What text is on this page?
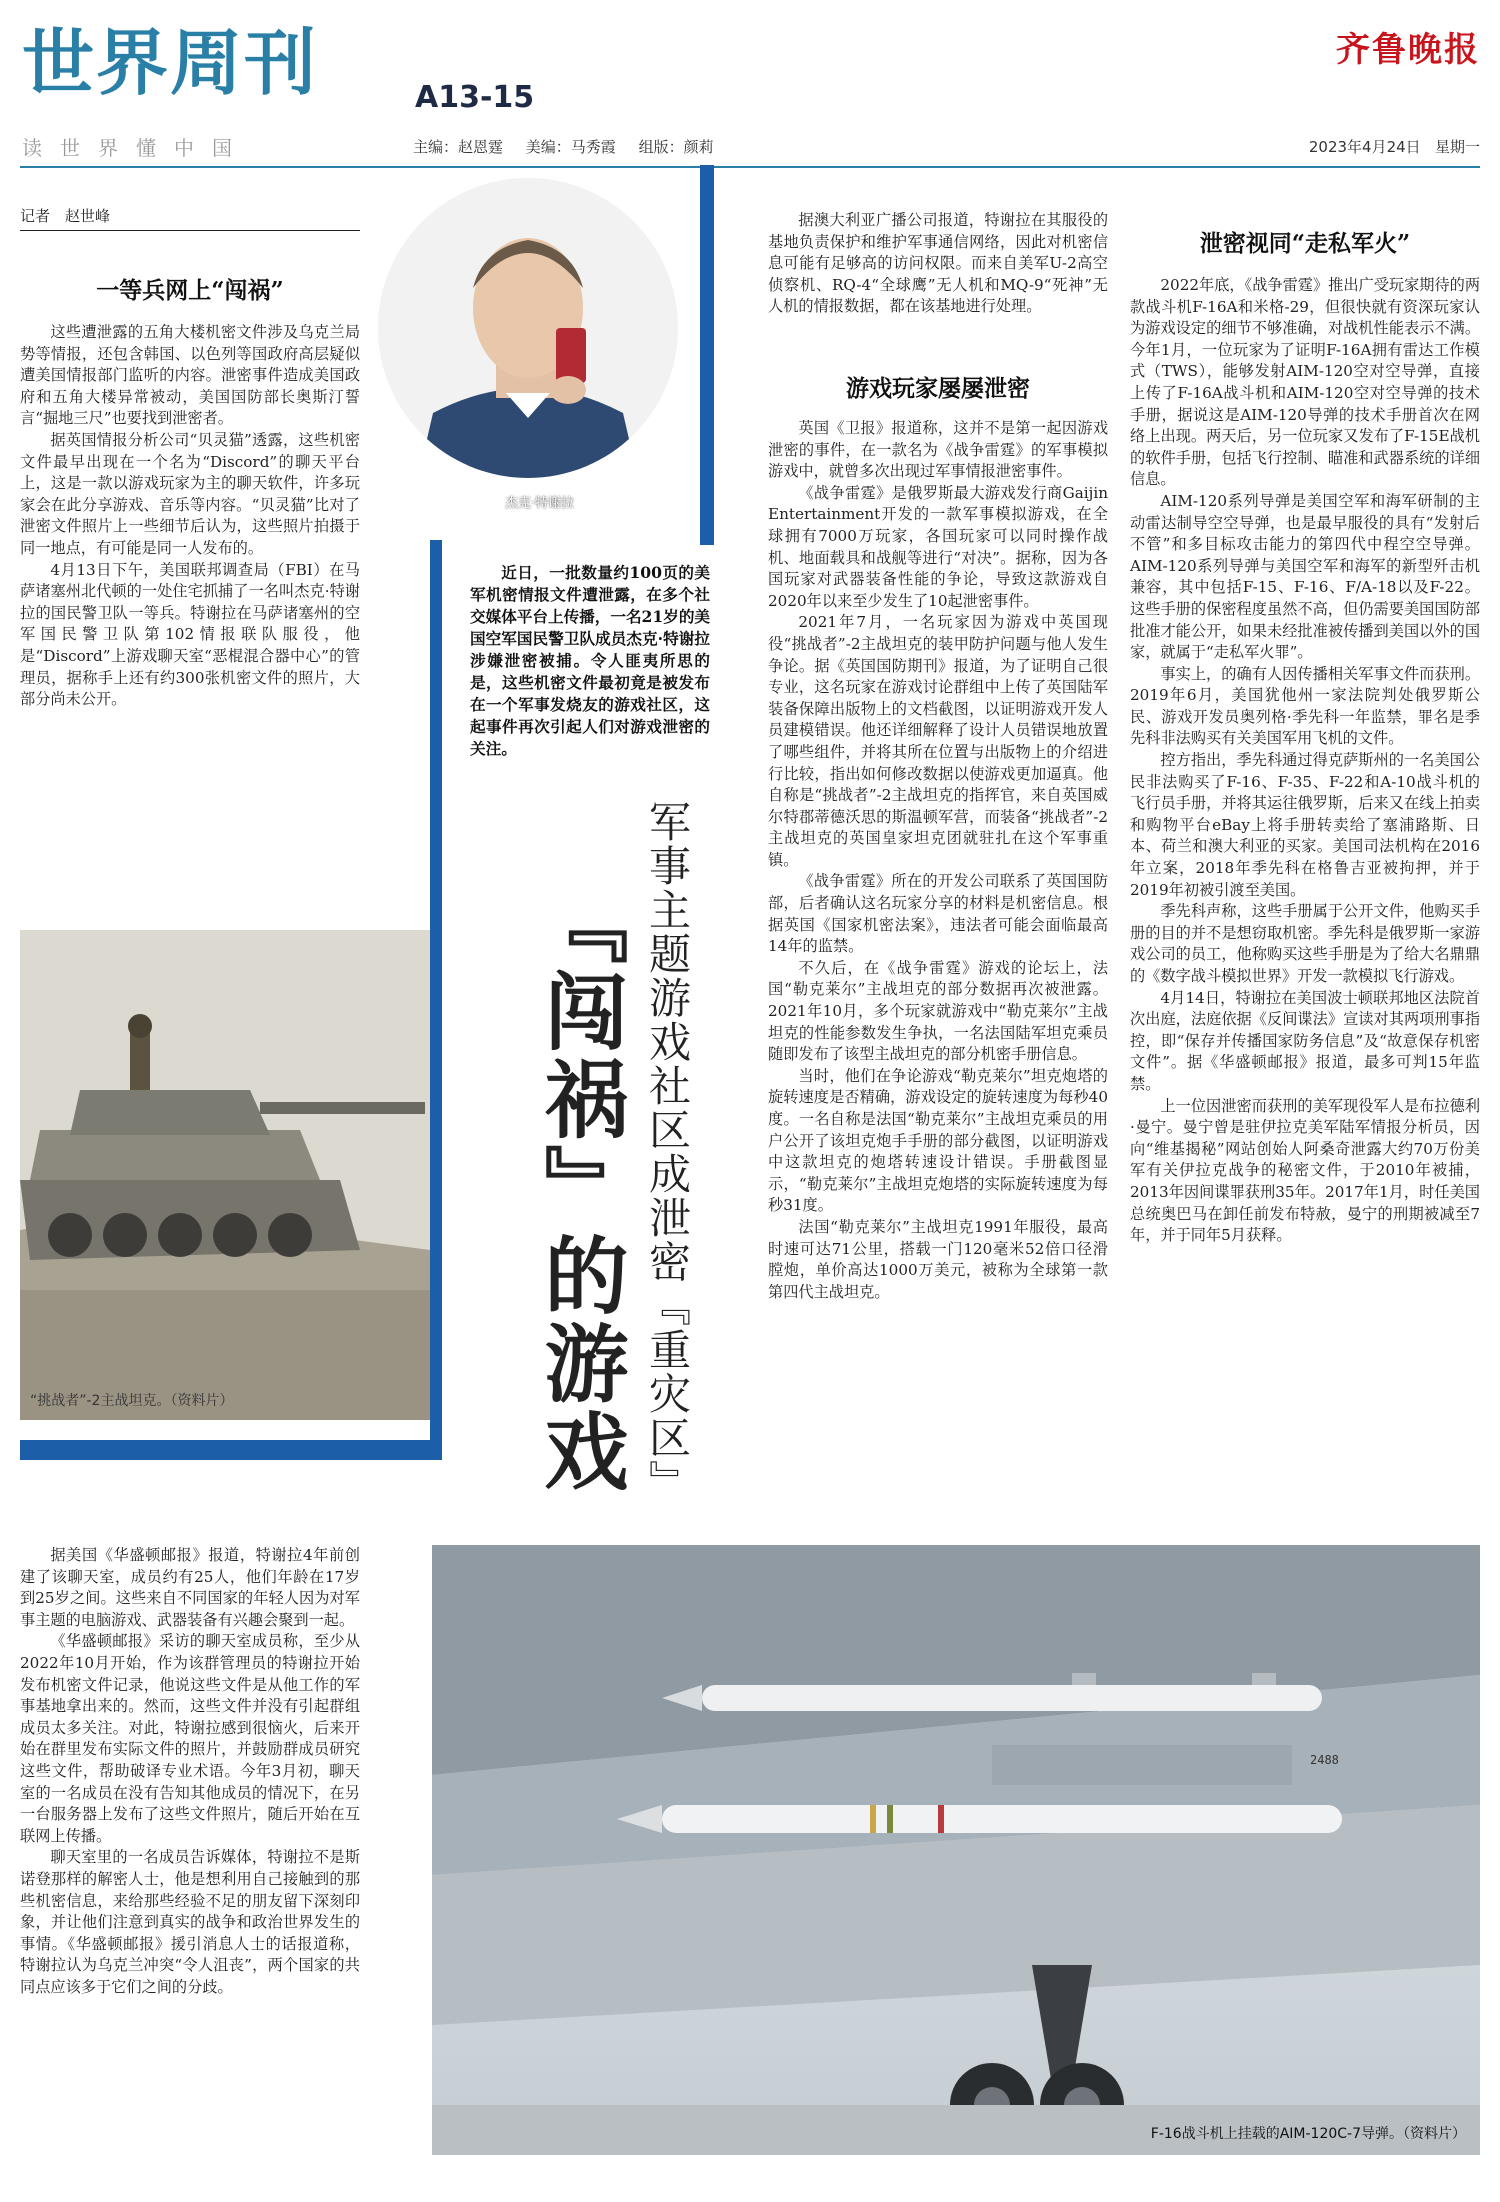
世界周刊	A13-15
读世界懂中国	主编：赵恩霆 美编：马秀霞 组版：颜莉
齐鲁晚报
2023年4月24日 星期一
记者　赵世峰
一等兵网上“闯祸”

这些遭泄露的五角大楼机密文件涉及乌克兰局势等情报，还包含韩国、以色列等国政府高层疑似遭美国情报部门监听的内容。泄密事件造成美国政府和五角大楼异常被动，美国国防部长奥斯汀誓言“掘地三尺”也要找到泄密者。

据英国情报分析公司“贝灵猫”透露，这些机密文件最早出现在一个名为“Discord”的聊天平台上，这是一款以游戏玩家为主的聊天软件，许多玩家会在此分享游戏、音乐等内容。“贝灵猫”比对了泄密文件照片上一些细节后认为，这些照片拍摄于同一地点，有可能是同一人发布的。

4月13日下午，美国联邦调查局（FBI）在马萨诸塞州北代顿的一处住宅抓捕了一名叫杰克·特谢拉的国民警卫队一等兵。特谢拉在马萨诸塞州的空军国民警卫队第102情报联队服役，他是“Discord”上游戏聊天室“恶棍混合器中心”的管理员，据称手上还有约300张机密文件的照片，大部分尚未公开。

杰克·特谢拉

近日，一批数量约100页的美军机密情报文件遭泄露，在多个社交媒体平台上传播，一名21岁的美国空军国民警卫队成员杰克·特谢拉涉嫌泄密被捕。令人匪夷所思的是，这些机密文件最初竟是被发布在一个军事发烧友的游戏社区，这起事件再次引起人们对游戏泄密的关注。

『闯祸』的游戏 军事主题游戏社区成泄密『重灾区』
“挑战者”-2主战坦克。（资料片）

据澳大利亚广播公司报道，特谢拉在其服役的基地负责保护和维护军事通信网络，因此对机密信息可能有足够高的访问权限。而来自美军U-2高空侦察机、RQ-4“全球鹰”无人机和MQ-9“死神”无人机的情报数据，都在该基地进行处理。

游戏玩家屡屡泄密

英国《卫报》报道称，这并不是第一起因游戏泄密的事件，在一款名为《战争雷霆》的军事模拟游戏中，就曾多次出现过军事情报泄密事件。

《战争雷霆》是俄罗斯最大游戏发行商Gaijin Entertainment开发的一款军事模拟游戏，在全球拥有7000万玩家，各国玩家可以同时操作战机、地面载具和战舰等进行“对决”。据称，因为各国玩家对武器装备性能的争论，导致这款游戏自2020年以来至少发生了10起泄密事件。

2021年7月，一名玩家因为游戏中英国现役“挑战者”-2主战坦克的装甲防护问题与他人发生争论。据《英国国防期刊》报道，为了证明自己很专业，这名玩家在游戏讨论群组中上传了英国陆军装备保障出版物上的文档截图，以证明游戏开发人员建模错误。他还详细解释了设计人员错误地放置了哪些组件，并将其所在位置与出版物上的介绍进行比较，指出如何修改数据以使游戏更加逼真。他自称是“挑战者”-2主战坦克的指挥官，来自英国威尔特郡蒂德沃思的斯温顿军营，而装备“挑战者”-2主战坦克的英国皇家坦克团就驻扎在这个军事重镇。

《战争雷霆》所在的开发公司联系了英国国防部，后者确认这名玩家分享的材料是机密信息。根据英国《国家机密法案》，违法者可能会面临最高14年的监禁。

不久后，在《战争雷霆》游戏的论坛上，法国“勒克莱尔”主战坦克的部分数据再次被泄露。2021年10月，多个玩家就游戏中“勒克莱尔”主战坦克的性能参数发生争执，一名法国陆军坦克乘员随即发布了该型主战坦克的部分机密手册信息。

当时，他们在争论游戏“勒克莱尔”坦克炮塔的旋转速度是否精确，游戏设定的旋转速度为每秒40度。一名自称是法国“勒克莱尔”主战坦克乘员的用户公开了该坦克炮手手册的部分截图，以证明游戏中这款坦克的炮塔转速设计错误。手册截图显示，“勒克莱尔”主战坦克炮塔的实际旋转速度为每秒31度。

法国“勒克莱尔”主战坦克1991年服役，最高时速可达71公里，搭载一门120毫米52倍口径滑膛炮，单价高达1000万美元，被称为全球第一款第四代主战坦克。

泄密视同“走私军火”

2022年底，《战争雷霆》推出广受玩家期待的两款战斗机F-16A和米格-29，但很快就有资深玩家认为游戏设定的细节不够准确，对战机性能表示不满。今年1月，一位玩家为了证明F-16A拥有雷达工作模式（TWS），能够发射AIM-120空对空导弹，直接上传了F-16A战斗机和AIM-120空对空导弹的技术手册，据说这是AIM-120导弹的技术手册首次在网络上出现。两天后，另一位玩家又发布了F-15E战机的软件手册，包括飞行控制、瞄准和武器系统的详细信息。

AIM-120系列导弹是美国空军和海军研制的主动雷达制导空空导弹，也是最早服役的具有“发射后不管”和多目标攻击能力的第四代中程空空导弹。AIM-120系列导弹与美国空军和海军的新型歼击机兼容，其中包括F-15、F-16、F/A-18以及F-22。这些手册的保密程度虽然不高，但仍需要美国国防部批准才能公开，如果未经批准被传播到美国以外的国家，就属于“走私军火罪”。

事实上，的确有人因传播相关军事文件而获刑。2019年6月，美国犹他州一家法院判处俄罗斯公民、游戏开发员奥列格·季先科一年监禁，罪名是季先科非法购买有关美国军用飞机的文件。

控方指出，季先科通过得克萨斯州的一名美国公民非法购买了F-16、F-35、F-22和A-10战斗机的飞行员手册，并将其运往俄罗斯，后来又在线上拍卖和购物平台eBay上将手册转卖给了塞浦路斯、日本、荷兰和澳大利亚的买家。美国司法机构在2016年立案，2018年季先科在格鲁吉亚被拘押，并于2019年初被引渡至美国。

季先科声称，这些手册属于公开文件，他购买手册的目的并不是想窃取机密。季先科是俄罗斯一家游戏公司的员工，他称购买这些手册是为了给大名鼎鼎的《数字战斗模拟世界》开发一款模拟飞行游戏。

4月14日，特谢拉在美国波士顿联邦地区法院首次出庭，法庭依据《反间谍法》宣读对其两项刑事指控，即“保存并传播国家防务信息”及“故意保存机密文件”。据《华盛顿邮报》报道，最多可判15年监禁。

上一位因泄密而获刑的美军现役军人是布拉德利·曼宁。曼宁曾是驻伊拉克美军陆军情报分析员，因向“维基揭秘”网站创始人阿桑奇泄露大约70万份美军有关伊拉克战争的秘密文件，于2010年被捕，2013年因间谍罪获刑35年。2017年1月，时任美国总统奥巴马在卸任前发布特赦，曼宁的刑期被减至7年，并于同年5月获释。

据美国《华盛顿邮报》报道，特谢拉4年前创建了该聊天室，成员约有25人，他们年龄在17岁到25岁之间。这些来自不同国家的年轻人因为对军事主题的电脑游戏、武器装备有兴趣会聚到一起。

《华盛顿邮报》采访的聊天室成员称，至少从2022年10月开始，作为该群管理员的特谢拉开始发布机密文件记录，他说这些文件是从他工作的军事基地拿出来的。然而，这些文件并没有引起群组成员太多关注。对此，特谢拉感到很恼火，后来开始在群里发布实际文件的照片，并鼓励群成员研究这些文件，帮助破译专业术语。今年3月初，聊天室的一名成员在没有告知其他成员的情况下，在另一台服务器上发布了这些文件照片，随后开始在互联网上传播。

聊天室里的一名成员告诉媒体，特谢拉不是斯诺登那样的解密人士，他是想利用自己接触到的那些机密信息，来给那些经验不足的朋友留下深刻印象，并让他们注意到真实的战争和政治世界发生的事情。《华盛顿邮报》援引消息人士的话报道称，特谢拉认为乌克兰冲突“令人沮丧”，两个国家的共同点应该多于它们之间的分歧。

2488
F-16战斗机上挂载的AIM-120C-7导弹。（资料片）
